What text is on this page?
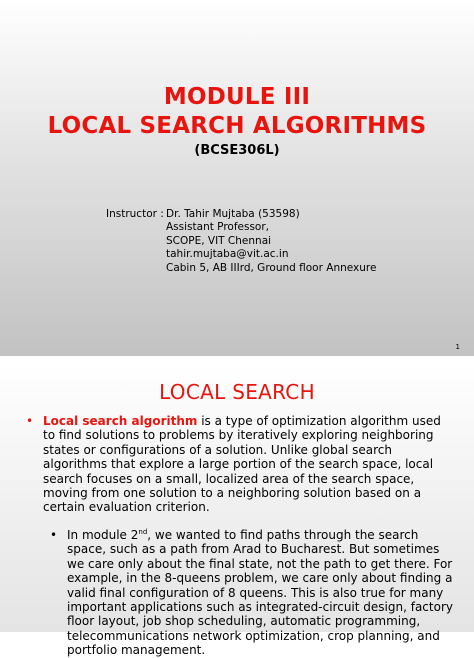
MODULE III
LOCAL SEARCH ALGORITHMS
(BCSE306L)
Instructor : Dr. Tahir Mujtaba (53598)
Assistant Professor,
SCOPE, VIT Chennai
tahir.mujtaba@vit.ac.in
Cabin 5, AB IIIrd, Ground floor Annexure
1
LOCAL SEARCH
• Local search algorithm is a type of optimization algorithm used to find solutions to problems by iteratively exploring neighboring states or configurations of a solution. Unlike global search algorithms that explore a large portion of the search space, local search focuses on a small, localized area of the search space, moving from one solution to a neighboring solution based on a certain evaluation criterion.
• In module 2nd, we wanted to find paths through the search space, such as a path from Arad to Bucharest. But sometimes we care only about the final state, not the path to get there. For example, in the 8-queens problem, we care only about finding a valid final configuration of 8 queens. This is also true for many important applications such as integrated-circuit design, factory floor layout, job shop scheduling, automatic programming, telecommunications network optimization, crop planning, and portfolio management.
